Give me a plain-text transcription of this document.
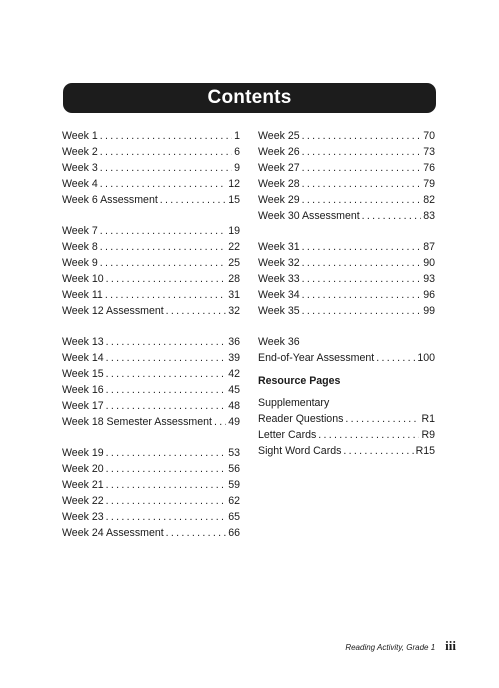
Contents
Week 1 .....	1
Week 2 .....	6
Week 3 .....	9
Week 4 .....	12
Week 6 Assessment .....	15
Week 7 .....	19
Week 8 .....	22
Week 9 .....	25
Week 10 .....	28
Week 11 .....	31
Week 12 Assessment .....	32
Week 13 .....	36
Week 14 .....	39
Week 15 .....	42
Week 16 .....	45
Week 17 .....	48
Week 18 Semester Assessment ..... 49
Week 19 .....	53
Week 20 .....	56
Week 21 .....	59
Week 22 .....	62
Week 23 .....	65
Week 24 Assessment .....	66
Week 25 .....	70
Week 26 .....	73
Week 27 .....	76
Week 28 .....	79
Week 29 .....	82
Week 30 Assessment .....	83
Week 31 .....	87
Week 32 .....	90
Week 33 .....	93
Week 34 .....	96
Week 35 .....	99
Week 36
End-of-Year Assessment .....	100
Resource Pages
Supplementary
Reader Questions .....	R1
Letter Cards .....	R9
Sight Word Cards .....	R15
Reading Activity, Grade 1 iii
